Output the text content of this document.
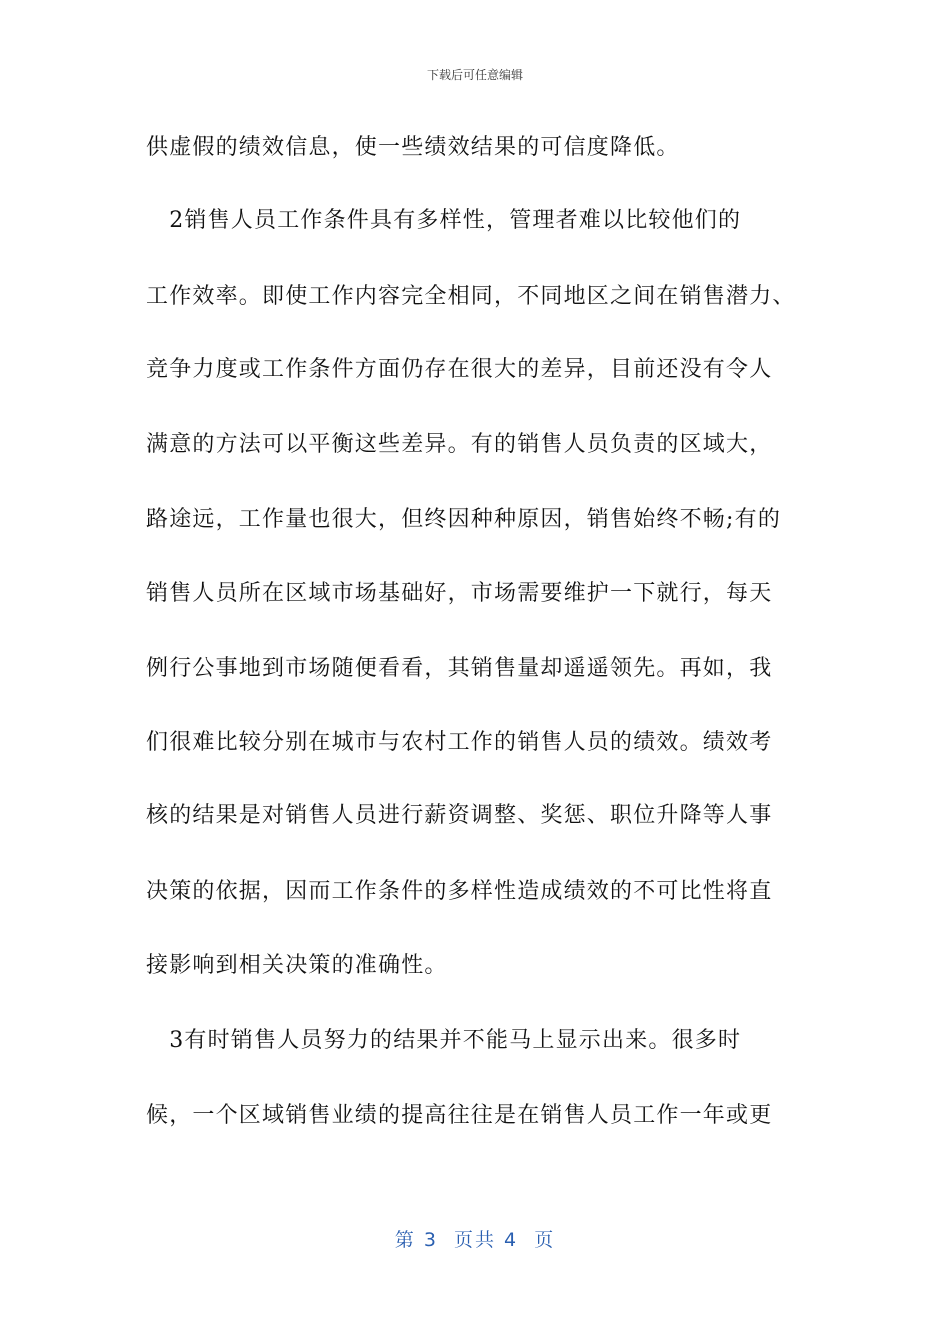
下载后可任意编辑
供虚假的绩效信息，使一些绩效结果的可信度降低。
　2销售人员工作条件具有多样性，管理者难以比较他们的
工作效率。即使工作内容完全相同，不同地区之间在销售潜力、
竞争力度或工作条件方面仍存在很大的差异，目前还没有令人
满意的方法可以平衡这些差异。有的销售人员负责的区域大，
路途远，工作量也很大，但终因种种原因，销售始终不畅;有的
销售人员所在区域市场基础好，市场需要维护一下就行，每天
例行公事地到市场随便看看，其销售量却遥遥领先。再如，我
们很难比较分别在城市与农村工作的销售人员的绩效。绩效考
核的结果是对销售人员进行薪资调整、奖惩、职位升降等人事
决策的依据，因而工作条件的多样性造成绩效的不可比性将直
接影响到相关决策的准确性。
　3有时销售人员努力的结果并不能马上显示出来。很多时
候，一个区域销售业绩的提高往往是在销售人员工作一年或更
第 3  页共 4  页
